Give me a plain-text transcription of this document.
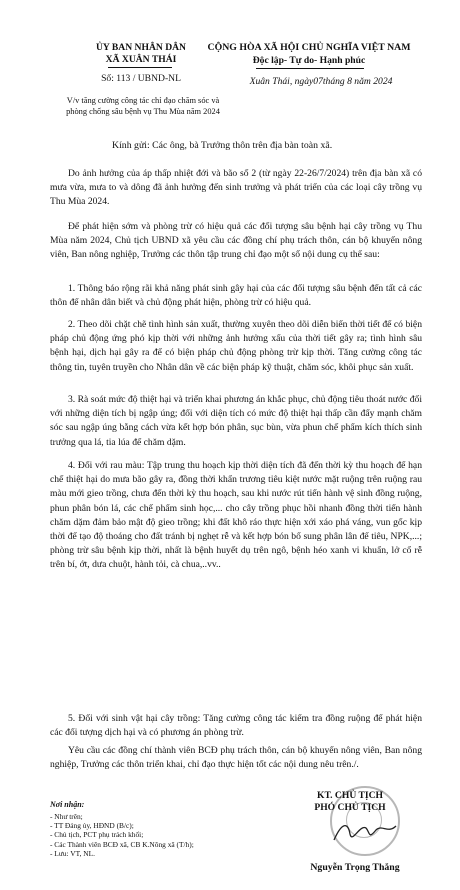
ỦY BAN NHÂN DÂN
XÃ XUÂN THÁI
Số: 113 / UBND-NL
V/v tăng cường công tác chỉ đạo chăm sóc và phòng chống sâu bệnh vụ Thu Mùa năm 2024
CỘNG HÒA XÃ HỘI CHỦ NGHĨA VIỆT NAM
Độc lập- Tự do- Hạnh phúc
Xuân Thái, ngày07tháng 8 năm 2024
Kính gửi: Các ông, bà Trưởng thôn trên địa bàn toàn xã.

Do ảnh hưởng của áp thấp nhiệt đới và bão số 2 (từ ngày 22-26/7/2024) trên địa bàn xã có mưa vừa, mưa to và dông đã ảnh hưởng đến sinh trưởng và phát triển của các loại cây trồng vụ Thu Mùa 2024.

Để phát hiện sớm và phòng trừ có hiệu quả các đối tượng sâu bệnh hại cây trồng vụ Thu Mùa năm 2024, Chủ tịch UBND xã yêu cầu các đồng chí phụ trách thôn, cán bộ khuyến nông viên, Ban nông nghiệp, Trưởng các thôn tập trung chỉ đạo một số nội dung cụ thể sau:

1. Thông báo rộng rãi khả năng phát sinh gây hại của các đối tượng sâu bệnh đến tất cả các thôn để nhân dân biết và chủ động phát hiện, phòng trừ có hiệu quả.

2. Theo dõi chặt chẽ tình hình sản xuất, thường xuyên theo dõi diễn biến thời tiết để có biện pháp chủ động ứng phó kịp thời với những ảnh hưởng xấu của thời tiết gây ra; tình hình sâu bệnh hại, dịch hại gây ra để có biện pháp chủ động phòng trừ kịp thời. Tăng cường công tác thông tin, tuyên truyền cho Nhân dân về các biện pháp kỹ thuật, chăm sóc, khôi phục sản xuất.

3. Rà soát mức độ thiệt hại và triển khai phương án khắc phục, chủ động tiêu thoát nước đối với những diện tích bị ngập úng; đối với diện tích có mức độ thiệt hại thấp cần đẩy mạnh chăm sóc sau ngập úng bằng cách vừa kết hợp bón phân, sục bùn, vừa phun chế phẩm kích thích sinh trưởng qua lá, tia lúa để chăm dặm.

4. Đối với rau màu: Tập trung thu hoạch kịp thời diện tích đã đến thời kỳ thu hoạch để hạn chế thiệt hại do mưa bão gây ra, đồng thời khẩn trương tiêu kiệt nước mặt ruộng trên ruộng rau màu mới gieo trồng, chưa đến thời kỳ thu hoạch, sau khi nước rút tiến hành vệ sinh đồng ruộng, phun phân bón lá, các chế phẩm sinh học,... cho cây trồng phục hồi nhanh đồng thời tiến hành chăm dặm đảm bảo mật độ gieo trồng; khi đất khô ráo thực hiện xới xáo phá váng, vun gốc kịp thời để tạo độ thoáng cho đất tránh bị nghẹt rễ và kết hợp bón bổ sung phân lân để tiêu, NPK,...; phòng trừ sâu bệnh kịp thời, nhất là bệnh huyết dụ trên ngô, bệnh héo xanh vi khuẩn, lở cổ rễ trên bí, ớt, dưa chuột, hành tỏi, cà chua,..vv..

5. Đối với sinh vật hại cây trồng: Tăng cường công tác kiểm tra đồng ruộng để phát hiện các đối tượng dịch hại và có phương án phòng trừ.

Yêu cầu các đồng chí thành viên BCĐ phụ trách thôn, cán bộ khuyến nông viên, Ban nông nghiệp, Trưởng các thôn triển khai, chỉ đạo thực hiện tốt các nội dung nêu trên./.

Nơi nhận:
- Như trên;
- TT Đảng ủy, HĐND (B/c);
- Chủ tịch, PCT phụ trách khối;
- Các Thành viên BCĐ xã, CB K.Nông xã (T/h);
- Lưu: VT, NL.
KT. CHỦ TỊCH
PHÓ CHỦ TỊCH
Nguyễn Trọng Thắng
